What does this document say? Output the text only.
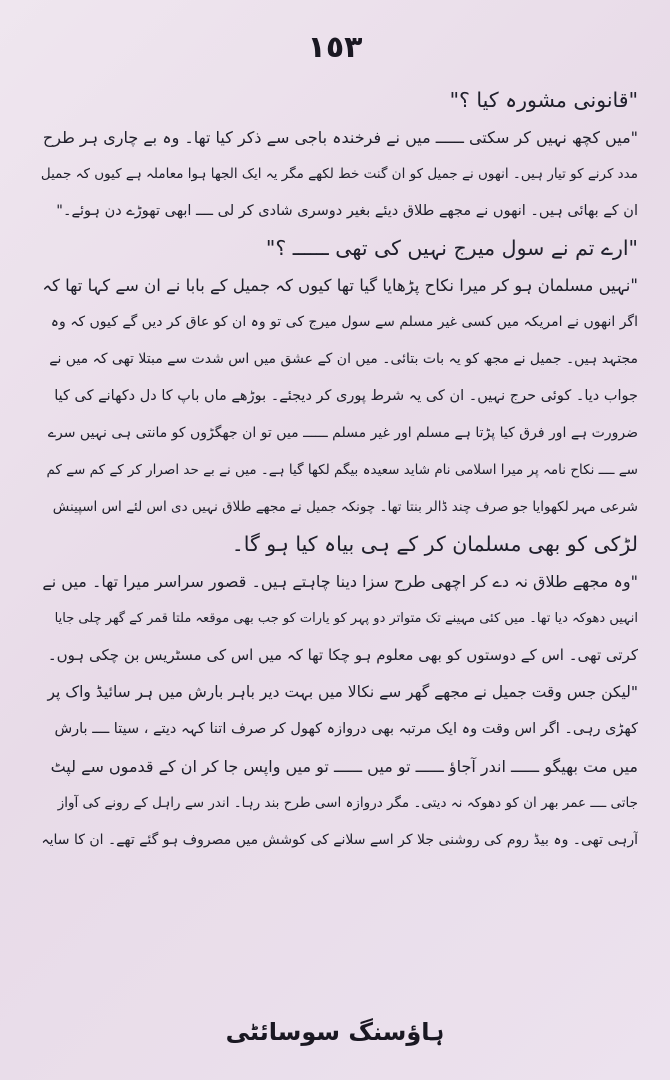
١٥٣
"قانونی مشورہ کیا ؟"
"میں کچھ نہیں کر سکتی ــــــ میں نے فرخندہ باجی سے ذکر کیا تھا۔ وہ بے چاری ہر طرح
مدد کرنے کو تیار ہیں۔ انھوں نے جمیل کو ان گنت خط لکھے مگر یہ ایک الجھا ہوا معاملہ ہے کیوں کہ جمیل
ان کے بھائی ہیں۔ انھوں نے مجھے طلاق دیئے بغیر دوسری شادی کر لی ــــ ابھی تھوڑے دن ہوئے۔"
"ارے تم نے سول میرج نہیں کی تھی ــــــ ؟"
"نہیں مسلمان ہو کر میرا نکاح پڑھایا گیا تھا کیوں کہ جمیل کے بابا نے ان سے کہا تھا کہ
اگر انھوں نے امریکہ میں کسی غیر مسلم سے سول میرج کی تو وہ ان کو عاق کر دیں گے کیوں کہ وہ
مجتہد ہیں۔ جمیل نے مجھ کو یہ بات بتائی۔ میں ان کے عشق میں اس شدت سے مبتلا تھی کہ میں نے
جواب دیا۔ کوئی حرج نہیں۔ ان کی یہ شرط پوری کر دیجئے۔ بوڑھے ماں باپ کا دل دکھانے کی کیا
ضرورت ہے اور فرق کیا پڑتا ہے مسلم اور غیر مسلم ــــــ میں تو ان جھگڑوں کو مانتی ہی نہیں سرے
سے ــــ نکاح نامہ پر میرا اسلامی نام شاید سعیدہ بیگم لکھا گیا ہے۔ میں نے بے حد اصرار کر کے کم سے کم
شرعی مہر لکھوایا جو صرف چند ڈالر بنتا تھا۔ چونکہ جمیل نے مجھے طلاق نہیں دی اس لئے اس اسپینش
لڑکی کو بھی مسلمان کر کے ہی بیاہ کیا ہو گا۔
"وہ مجھے طلاق نہ دے کر اچھی طرح سزا دینا چاہتے ہیں۔ قصور سراسر میرا تھا۔ میں نے
انہیں دھوکہ دیا تھا۔ میں کئی مہینے تک متواتر دو پہر کو یارات کو جب بھی موقعہ ملتا قمر کے گھر چلی جایا
کرتی تھی۔ اس کے دوستوں کو بھی معلوم ہو چکا تھا کہ میں اس کی مسٹریس بن چکی ہوں۔
"لیکن جس وقت جمیل نے مجھے گھر سے نکالا میں بہت دیر باہر بارش میں ہر سائیڈ واک پر
کھڑی رہی۔ اگر اس وقت وہ ایک مرتبہ بھی دروازہ کھول کر صرف اتنا کہہ دیتے ، سیتا ــــ بارش
میں مت بھیگو ــــــ اندر آجاؤ ــــــ تو میں ــــــ تو میں واپس جا کر ان کے قدموں سے لپٹ
جاتی ــــ عمر بھر ان کو دھوکہ نہ دیتی۔ مگر دروازہ اسی طرح بند رہا۔ اندر سے راہل کے رونے کی آواز
آرہی تھی۔ وہ بیڈ روم کی روشنی جلا کر اسے سلانے کی کوشش میں مصروف ہو گئے تھے۔ ان کا سایہ
ہاؤسنگ سوسائٹی
